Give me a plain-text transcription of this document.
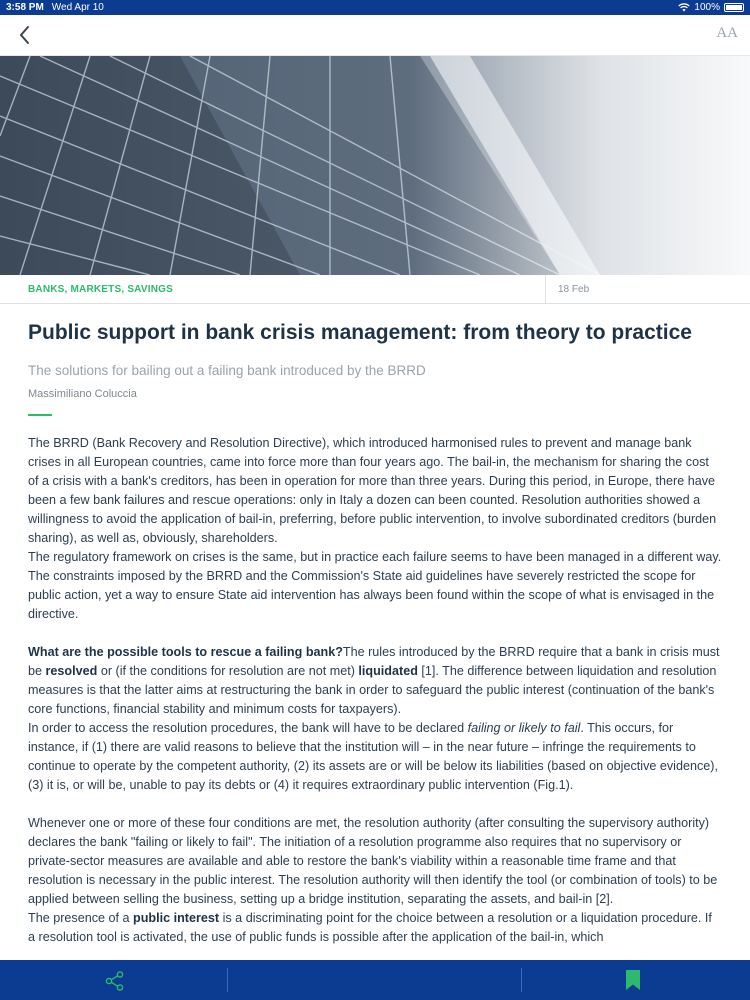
3:58 PM Wed Apr 10	100%
AA
BANKS, MARKETS, SAVINGS	18 Feb
Public support in bank crisis management: from theory to practice
The solutions for bailing out a failing bank introduced by the BRRD
Massimiliano Coluccia

The BRRD (Bank Recovery and Resolution Directive), which introduced harmonised rules to prevent and manage bank crises in all European countries, came into force more than four years ago. The bail-in, the mechanism for sharing the cost of a crisis with a bank's creditors, has been in operation for more than three years. During this period, in Europe, there have been a few bank failures and rescue operations: only in Italy a dozen can been counted. Resolution authorities showed a willingness to avoid the application of bail-in, preferring, before public intervention, to involve subordinated creditors (burden sharing), as well as, obviously, shareholders.

The regulatory framework on crises is the same, but in practice each failure seems to have been managed in a different way. The constraints imposed by the BRRD and the Commission's State aid guidelines have severely restricted the scope for public action, yet a way to ensure State aid intervention has always been found within the scope of what is envisaged in the directive.

What are the possible tools to rescue a failing bank?The rules introduced by the BRRD require that a bank in crisis must be resolved or (if the conditions for resolution are not met) liquidated [1]. The difference between liquidation and resolution measures is that the latter aims at restructuring the bank in order to safeguard the public interest (continuation of the bank's core functions, financial stability and minimum costs for taxpayers).

In order to access the resolution procedures, the bank will have to be declared failing or likely to fail. This occurs, for instance, if (1) there are valid reasons to believe that the institution will – in the near future – infringe the requirements to continue to operate by the competent authority, (2) its assets are or will be below its liabilities (based on objective evidence), (3) it is, or will be, unable to pay its debts or (4) it requires extraordinary public intervention (Fig.1).

Whenever one or more of these four conditions are met, the resolution authority (after consulting the supervisory authority) declares the bank "failing or likely to fail". The initiation of a resolution programme also requires that no supervisory or private-sector measures are available and able to restore the bank's viability within a reasonable time frame and that resolution is necessary in the public interest. The resolution authority will then identify the tool (or combination of tools) to be applied between selling the business, setting up a bridge institution, separating the assets, and bail-in [2].

The presence of a public interest is a discriminating point for the choice between a resolution or a liquidation procedure. If a resolution tool is activated, the use of public funds is possible after the application of the bail-in, which
